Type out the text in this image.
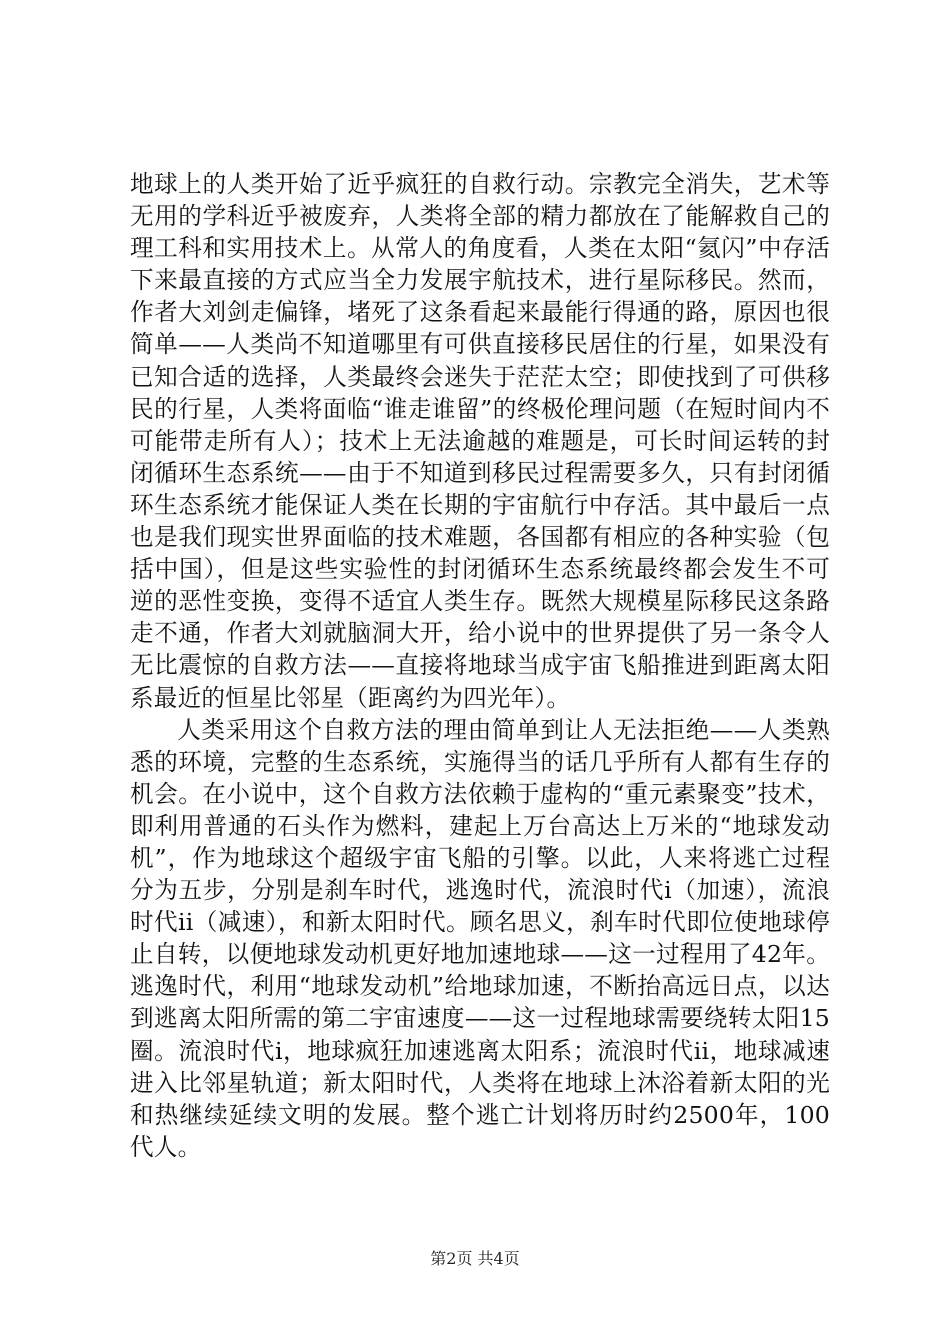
地球上的人类开始了近乎疯狂的自救行动。宗教完全消失，艺术等无用的学科近乎被废弃，人类将全部的精力都放在了能解救自己的理工科和实用技术上。从常人的角度看，人类在太阳“氦闪”中存活下来最直接的方式应当全力发展宇航技术，进行星际移民。然而，作者大刘剑走偏锋，堵死了这条看起来最能行得通的路，原因也很简单——人类尚不知道哪里有可供直接移民居住的行星，如果没有已知合适的选择，人类最终会迷失于茫茫太空；即使找到了可供移民的行星，人类将面临“谁走谁留”的终极伦理问题（在短时间内不可能带走所有人）；技术上无法逾越的难题是，可长时间运转的封闭循环生态系统——由于不知道到移民过程需要多久，只有封闭循环生态系统才能保证人类在长期的宇宙航行中存活。其中最后一点也是我们现实世界面临的技术难题，各国都有相应的各种实验（包括中国），但是这些实验性的封闭循环生态系统最终都会发生不可逆的恶性变换，变得不适宜人类生存。既然大规模星际移民这条路走不通，作者大刘就脑洞大开，给小说中的世界提供了另一条令人无比震惊的自救方法——直接将地球当成宇宙飞船推进到距离太阳系最近的恒星比邻星（距离约为四光年）。

人类采用这个自救方法的理由简单到让人无法拒绝——人类熟悉的环境，完整的生态系统，实施得当的话几乎所有人都有生存的机会。在小说中，这个自救方法依赖于虚构的“重元素聚变”技术，即利用普通的石头作为燃料，建起上万台高达上万米的“地球发动机”，作为地球这个超级宇宙飞船的引擎。以此，人来将逃亡过程分为五步，分别是刹车时代，逃逸时代，流浪时代i（加速），流浪时代ii（减速），和新太阳时代。顾名思义，刹车时代即位使地球停止自转，以便地球发动机更好地加速地球——这一过程用了42年。逃逸时代，利用“地球发动机”给地球加速，不断抬高远日点，以达到逃离太阳所需的第二宇宙速度——这一过程地球需要绕转太阳15圈。流浪时代i，地球疯狂加速逃离太阳系；流浪时代ii，地球减速进入比邻星轨道；新太阳时代，人类将在地球上沐浴着新太阳的光和热继续延续文明的发展。整个逃亡计划将历时约2500年，100代人。

第2页 共4页
